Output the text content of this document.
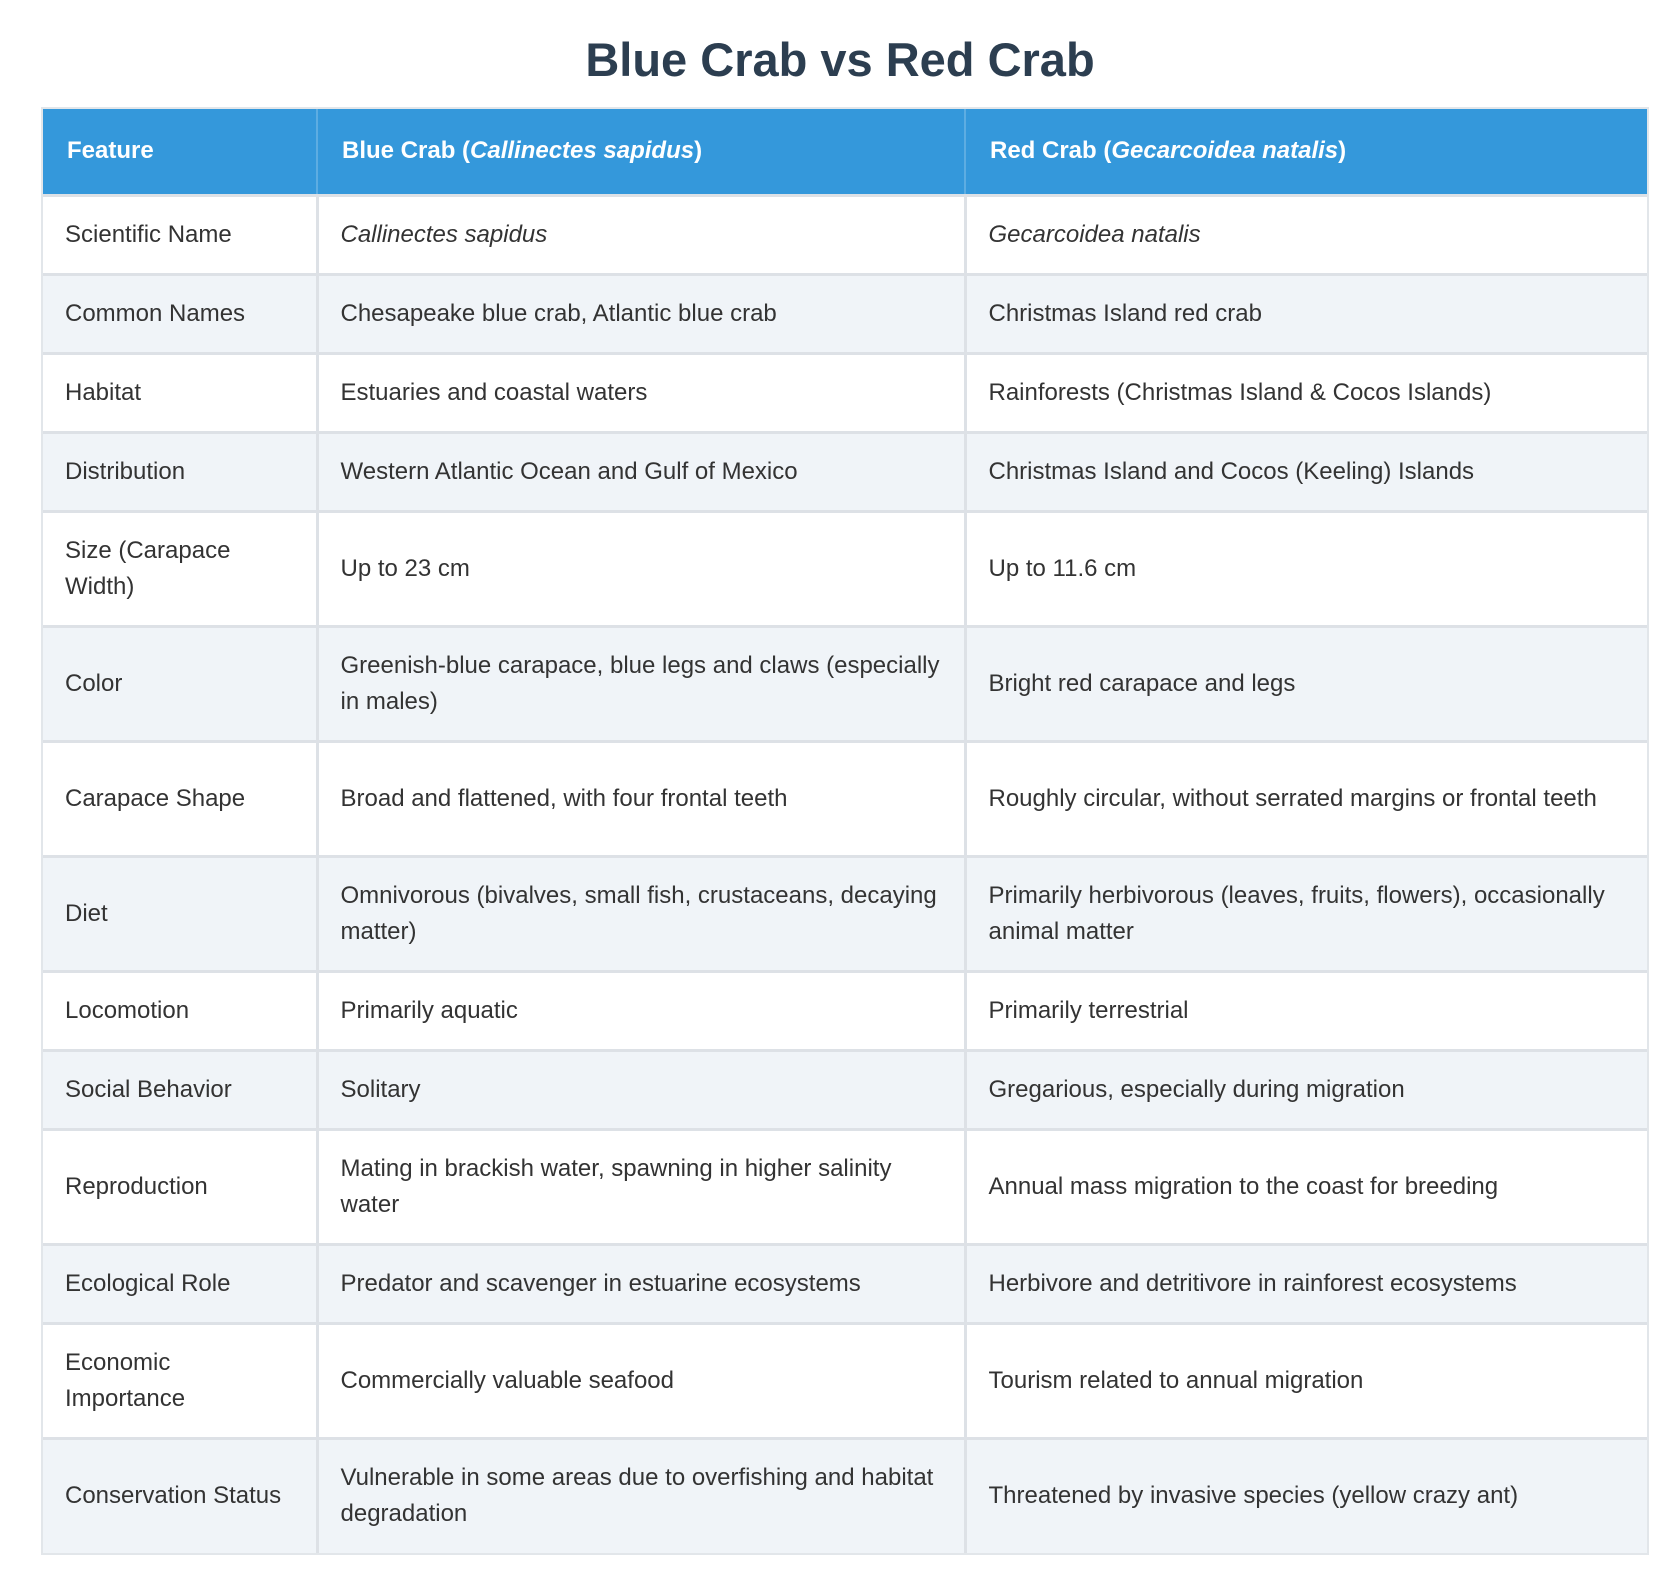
Blue Crab vs Red Crab
Feature	Blue Crab (Callinectes sapidus)	Red Crab (Gecarcoidea natalis)
Scientific Name	Callinectes sapidus	Gecarcoidea natalis
Common Names	Chesapeake blue crab, Atlantic blue crab	Christmas Island red crab
Habitat	Estuaries and coastal waters	Rainforests (Christmas Island & Cocos Islands)
Distribution	Western Atlantic Ocean and Gulf of Mexico	Christmas Island and Cocos (Keeling) Islands
Size (Carapace Width)	Up to 23 cm	Up to 11.6 cm
Color	Greenish-blue carapace, blue legs and claws (especially in males)	Bright red carapace and legs
Carapace Shape	Broad and flattened, with four frontal teeth	Roughly circular, without serrated margins or frontal teeth
Diet	Omnivorous (bivalves, small fish, crustaceans, decaying matter)	Primarily herbivorous (leaves, fruits, flowers), occasionally animal matter
Locomotion	Primarily aquatic	Primarily terrestrial
Social Behavior	Solitary	Gregarious, especially during migration
Reproduction	Mating in brackish water, spawning in higher salinity water	Annual mass migration to the coast for breeding
Ecological Role	Predator and scavenger in estuarine ecosystems	Herbivore and detritivore in rainforest ecosystems
Economic Importance	Commercially valuable seafood	Tourism related to annual migration
Conservation Status	Vulnerable in some areas due to overfishing and habitat degradation	Threatened by invasive species (yellow crazy ant)
